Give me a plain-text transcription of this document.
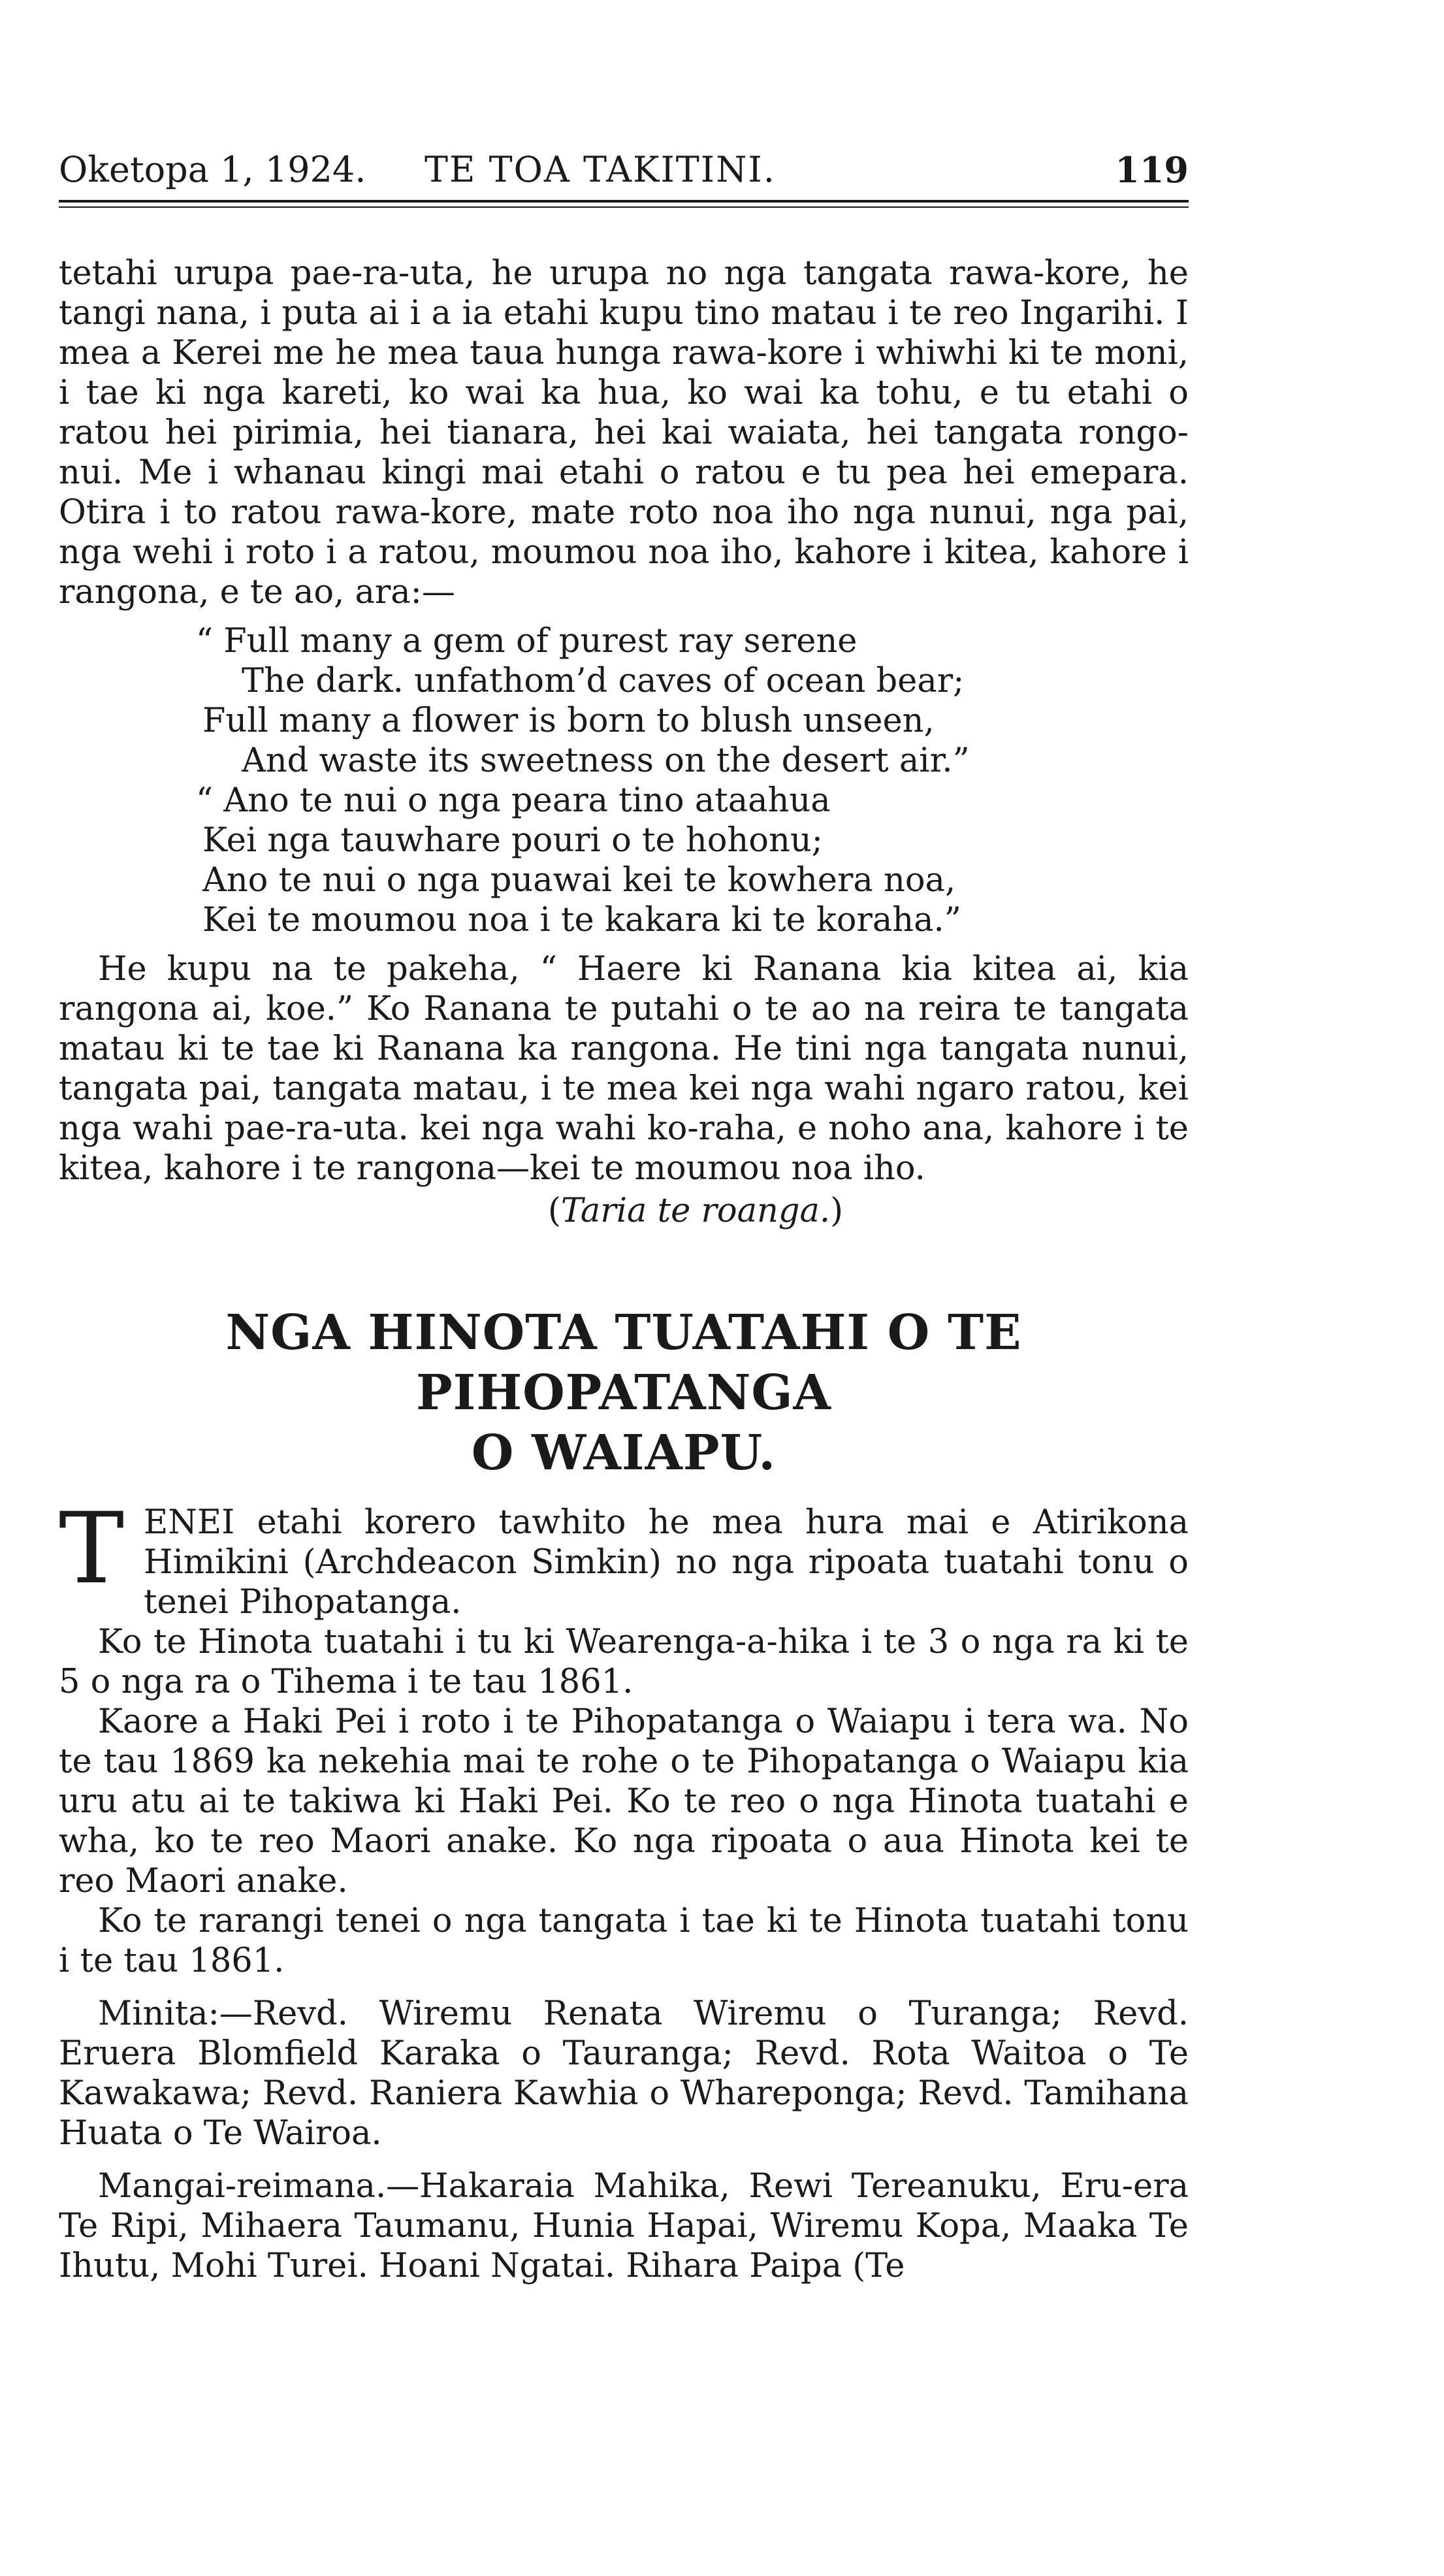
Oketopa 1, 1924. TE TOA TAKITINI.	119

tetahi urupa pae-ra-uta, he urupa no nga tangata rawa-kore, he tangi nana, i puta ai i a ia etahi kupu tino matau i te reo Ingarihi. I mea a Kerei me he mea taua hunga rawa-kore i whiwhi ki te moni, i tae ki nga kareti, ko wai ka hua, ko wai ka tohu, e tu etahi o ratou hei pirimia, hei tianara, hei kai waiata, hei tangata rongo-nui. Me i whanau kingi mai etahi o ratou e tu pea hei emepara. Otira i to ratou rawa-kore, mate roto noa iho nga nunui, nga pai, nga wehi i roto i a ratou, moumou noa iho, kahore i kitea, kahore i rangona, e te ao, ara:—

“ Full many a gem of purest ray serene
The dark. unfathom’d caves of ocean bear;
Full many a flower is born to blush unseen,
And waste its sweetness on the desert air.”
“ Ano te nui o nga peara tino ataahua
Kei nga tauwhare pouri o te hohonu;
Ano te nui o nga puawai kei te kowhera noa,
Kei te moumou noa i te kakara ki te koraha.”

He kupu na te pakeha, “ Haere ki Ranana kia kitea ai, kia rangona ai, koe.” Ko Ranana te putahi o te ao na reira te tangata matau ki te tae ki Ranana ka rangona. He tini nga tangata nunui, tangata pai, tangata matau, i te mea kei nga wahi ngaro ratou, kei nga wahi pae-ra-uta. kei nga wahi ko-raha, e noho ana, kahore i te kitea, kahore i te rangona—kei te moumou noa iho.

(Taria te roanga.)
NGA HINOTA TUATAHI O TE PIHOPATANGA
O WAIAPU.
T ENEI etahi korero tawhito he mea hura mai e Atirikona Himikini (Archdeacon Simkin) no nga ripoata tuatahi tonu o tenei Pihopatanga.

Ko te Hinota tuatahi i tu ki Wearenga-a-hika i te 3 o nga ra ki te 5 o nga ra o Tihema i te tau 1861.

Kaore a Haki Pei i roto i te Pihopatanga o Waiapu i tera wa. No te tau 1869 ka nekehia mai te rohe o te Pihopatanga o Waiapu kia uru atu ai te takiwa ki Haki Pei. Ko te reo o nga Hinota tuatahi e wha, ko te reo Maori anake. Ko nga ripoata o aua Hinota kei te reo Maori anake.

Ko te rarangi tenei o nga tangata i tae ki te Hinota tuatahi tonu i te tau 1861.

Minita:—Revd. Wiremu Renata Wiremu o Turanga; Revd. Eruera Blomfield Karaka o Tauranga; Revd. Rota Waitoa o Te Kawakawa; Revd. Raniera Kawhia o Whareponga; Revd. Tamihana Huata o Te Wairoa.

Mangai-reimana.—Hakaraia Mahika, Rewi Tereanuku, Eru-era Te Ripi, Mihaera Taumanu, Hunia Hapai, Wiremu Kopa, Maaka Te Ihutu, Mohi Turei. Hoani Ngatai. Rihara Paipa (Te
